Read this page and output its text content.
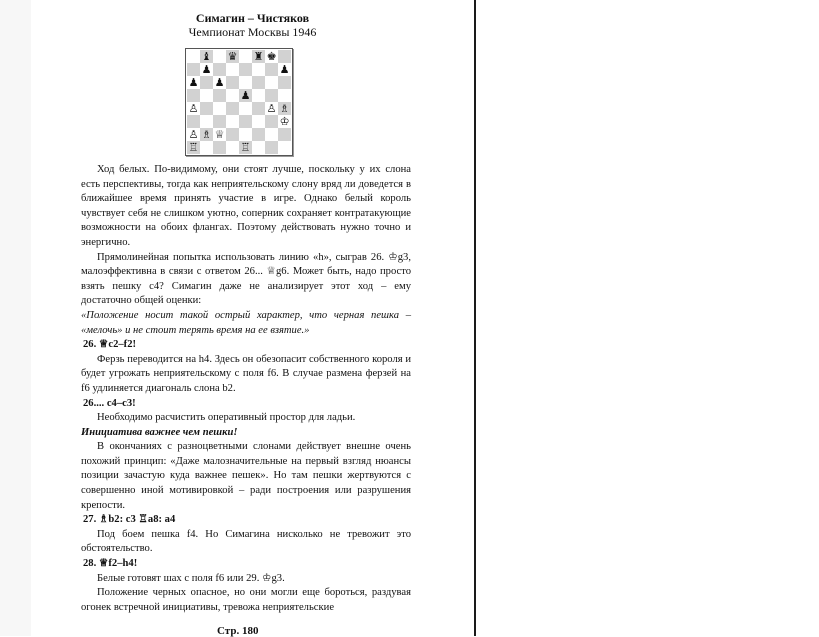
Симагин – Чистяков
Чемпионат Москвы 1946
♝ ♛ ♜ ♚
♟	♟
♟ ♟
♟
♙	♙ ♗
♔
♙ ♗ ♕
♖	♖

Ход белых. По-видимому, они стоят лучше, поскольку у их слона есть перспективы, тогда как неприятельскому слону вряд ли доведется в ближайшее время принять участие в игре. Однако белый король чувствует себя не слишком уютно, соперник сохраняет контратакующие возможности на обоих флангах. Поэтому действовать нужно точно и энергично.

Прямолинейная попытка использовать линию «h», сыграв 26. ♔g3, малоэффективна в связи с ответом 26... ♕g6. Может быть, надо просто взять пешку c4? Симагин даже не анализирует этот ход – ему достаточно общей оценки:

«Положение носит такой острый характер, что черная пешка – «мелочь» и не стоит терять время на ее взятие.»

26. ♕c2–f2!

Ферзь переводится на h4. Здесь он обезопасит собственного короля и будет угрожать неприятельскому с поля f6. В случае размена ферзей на f6 удлиняется диагональ слона b2.

26.... c4–c3!

Необходимо расчистить оперативный простор для ладьи.
Инициатива важнее чем пешки!

В окончаниях с разноцветными слонами действует внешне очень похожий принцип: «Даже малозначительные на первый взгляд нюансы позиции зачастую куда важнее пешек». Но там пешки жертвуются с совершенно иной мотивировкой – ради построения или разрушения крепости.

27. ♗b2: c3 ♖a8: a4

Под боем пешка f4. Но Симагина нисколько не тревожит это обстоятельство.

28. ♕f2–h4!

Белые готовят шах с поля f6 или 29. ♔g3.

Положение черных опасное, но они могли еще бороться, раздувая огонек встречной инициативы, тревожа неприятельские

Стр. 180
